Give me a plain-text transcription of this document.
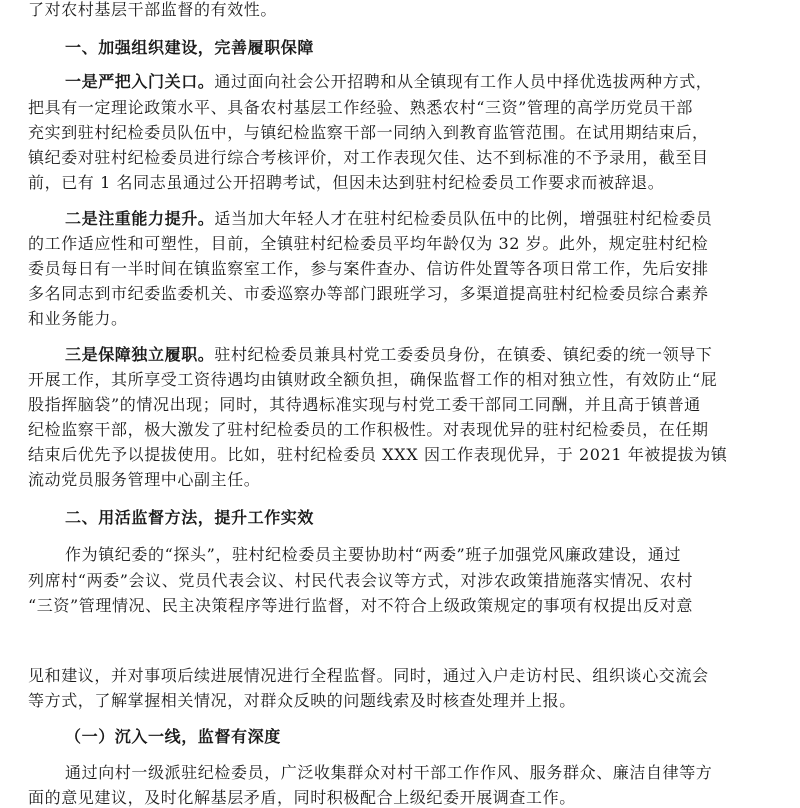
了对农村基层干部监督的有效性。
一、加强组织建设，完善履职保障
一是严把入门关口。通过面向社会公开招聘和从全镇现有工作人员中择优选拔两种方式，
把具有一定理论政策水平、具备农村基层工作经验、熟悉农村“三资”管理的高学历党员干部
充实到驻村纪检委员队伍中，与镇纪检监察干部一同纳入到教育监管范围。在试用期结束后，
镇纪委对驻村纪检委员进行综合考核评价，对工作表现欠佳、达不到标准的不予录用，截至目
前，已有 1 名同志虽通过公开招聘考试，但因未达到驻村纪检委员工作要求而被辞退。
二是注重能力提升。适当加大年轻人才在驻村纪检委员队伍中的比例，增强驻村纪检委员
的工作适应性和可塑性，目前，全镇驻村纪检委员平均年龄仅为 32 岁。此外，规定驻村纪检
委员每日有一半时间在镇监察室工作，参与案件查办、信访件处置等各项日常工作，先后安排
多名同志到市纪委监委机关、市委巡察办等部门跟班学习，多渠道提高驻村纪检委员综合素养
和业务能力。
三是保障独立履职。驻村纪检委员兼具村党工委委员身份，在镇委、镇纪委的统一领导下
开展工作，其所享受工资待遇均由镇财政全额负担，确保监督工作的相对独立性，有效防止“屁
股指挥脑袋”的情况出现；同时，其待遇标准实现与村党工委干部同工同酬，并且高于镇普通
纪检监察干部，极大激发了驻村纪检委员的工作积极性。对表现优异的驻村纪检委员，在任期
结束后优先予以提拔使用。比如，驻村纪检委员 XXX 因工作表现优异，于 2021 年被提拔为镇
流动党员服务管理中心副主任。
二、用活监督方法，提升工作实效
作为镇纪委的“探头”，驻村纪检委员主要协助村“两委”班子加强党风廉政建设，通过
列席村“两委”会议、党员代表会议、村民代表会议等方式，对涉农政策措施落实情况、农村
“三资”管理情况、民主决策程序等进行监督，对不符合上级政策规定的事项有权提出反对意
见和建议，并对事项后续进展情况进行全程监督。同时，通过入户走访村民、组织谈心交流会
等方式，了解掌握相关情况，对群众反映的问题线索及时核查处理并上报。
（一）沉入一线，监督有深度
通过向村一级派驻纪检委员，广泛收集群众对村干部工作作风、服务群众、廉洁自律等方
面的意见建议，及时化解基层矛盾，同时积极配合上级纪委开展调查工作。
